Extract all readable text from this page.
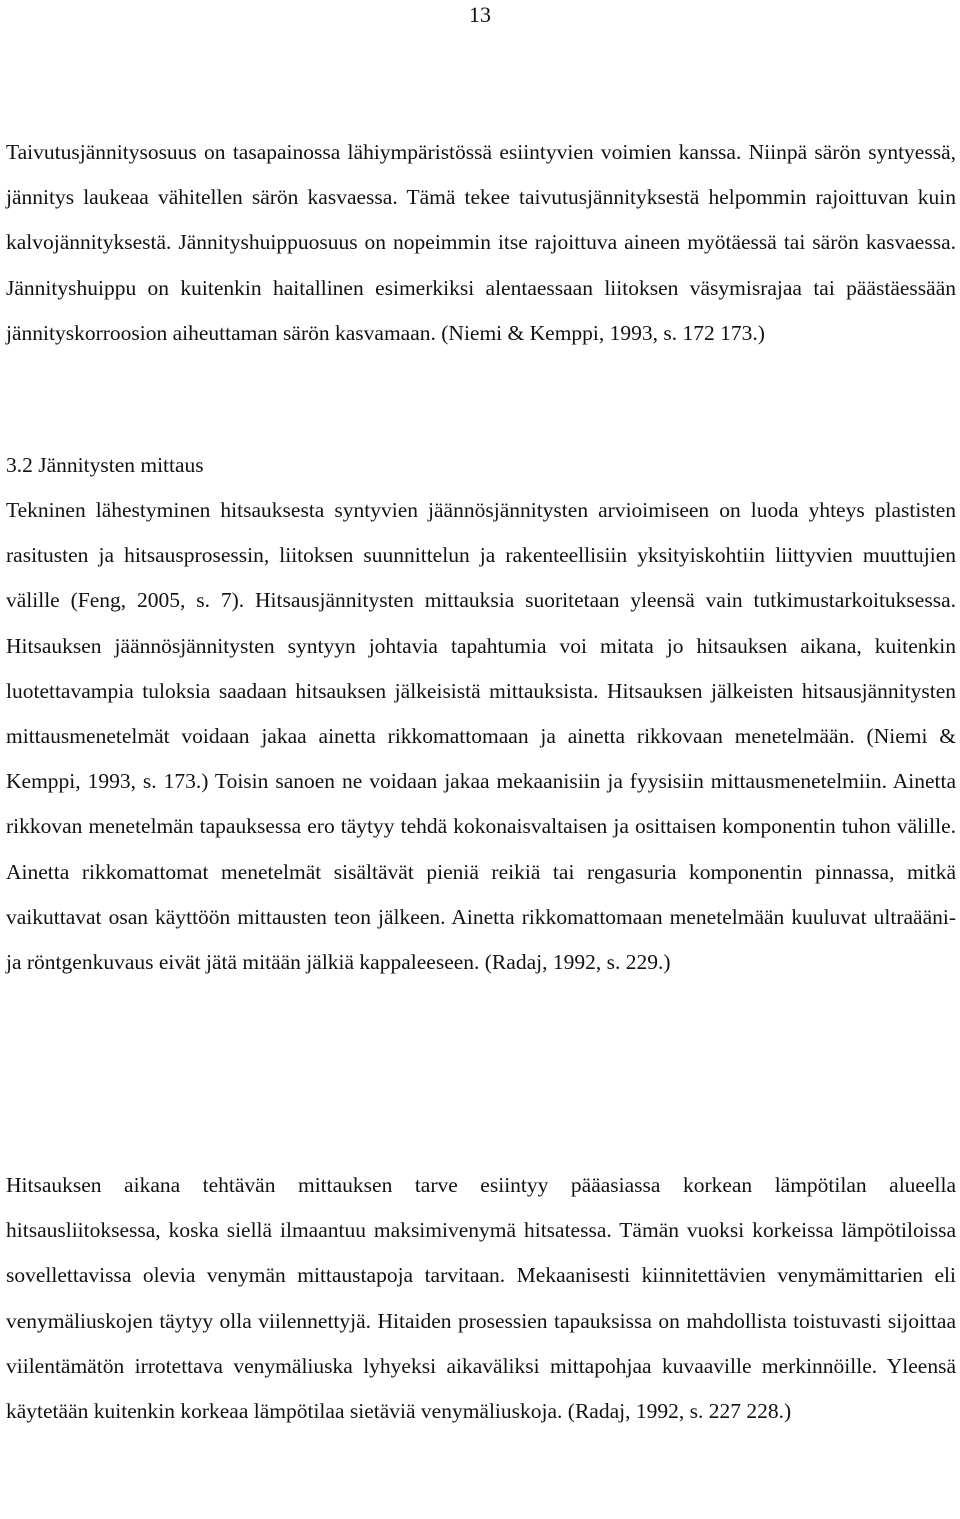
13

Taivutusjännitysosuus on tasapainossa lähiympäristössä esiintyvien voimien kanssa. Niinpä särön syntyessä, jännitys laukeaa vähitellen särön kasvaessa. Tämä tekee taivutusjännityksestä helpommin rajoittuvan kuin kalvojännityksestä. Jännityshuippuosuus on nopeimmin itse rajoittuva aineen myötäessä tai särön kasvaessa. Jännityshuippu on kuitenkin haitallinen esimerkiksi alentaessaan liitoksen väsymisrajaa tai päästäessään jännityskorroosion aiheuttaman särön kasvamaan. (Niemi & Kemppi, 1993, s. 172 173.)

3.2 Jännitysten mittaus

Tekninen lähestyminen hitsauksesta syntyvien jäännösjännitysten arvioimiseen on luoda yhteys plastisten rasitusten ja hitsausprosessin, liitoksen suunnittelun ja rakenteellisiin yksityiskohtiin liittyvien muuttujien välille (Feng, 2005, s. 7). Hitsausjännitysten mittauksia suoritetaan yleensä vain tutkimustarkoituksessa. Hitsauksen jäännösjännitysten syntyyn johtavia tapahtumia voi mitata jo hitsauksen aikana, kuitenkin luotettavampia tuloksia saadaan hitsauksen jälkeisistä mittauksista. Hitsauksen jälkeisten hitsausjännitysten mittausmenetelmät voidaan jakaa ainetta rikkomattomaan ja ainetta rikkovaan menetelmään. (Niemi & Kemppi, 1993, s. 173.) Toisin sanoen ne voidaan jakaa mekaanisiin ja fyysisiin mittausmenetelmiin. Ainetta rikkovan menetelmän tapauksessa ero täytyy tehdä kokonaisvaltaisen ja osittaisen komponentin tuhon välille. Ainetta rikkomattomat menetelmät sisältävät pieniä reikiä tai rengasuria komponentin pinnassa, mitkä vaikuttavat osan käyttöön mittausten teon jälkeen. Ainetta rikkomattomaan menetelmään kuuluvat ultraääni- ja röntgenkuvaus eivät jätä mitään jälkiä kappaleeseen. (Radaj, 1992, s. 229.)

Hitsauksen aikana tehtävän mittauksen tarve esiintyy pääasiassa korkean lämpötilan alueella hitsausliitoksessa, koska siellä ilmaantuu maksimivenymä hitsatessa. Tämän vuoksi korkeissa lämpötiloissa sovellettavissa olevia venymän mittaustapoja tarvitaan. Mekaanisesti kiinnitettävien venymämittarien eli venymäliuskojen täytyy olla viilennettyjä. Hitaiden prosessien tapauksissa on mahdollista toistuvasti sijoittaa viilentämätön irrotettava venymäliuska lyhyeksi aikaväliksi mittapohjaa kuvaaville merkinnöille. Yleensä käytetään kuitenkin korkeaa lämpötilaa sietäviä venymäliuskoja. (Radaj, 1992, s. 227 228.)
